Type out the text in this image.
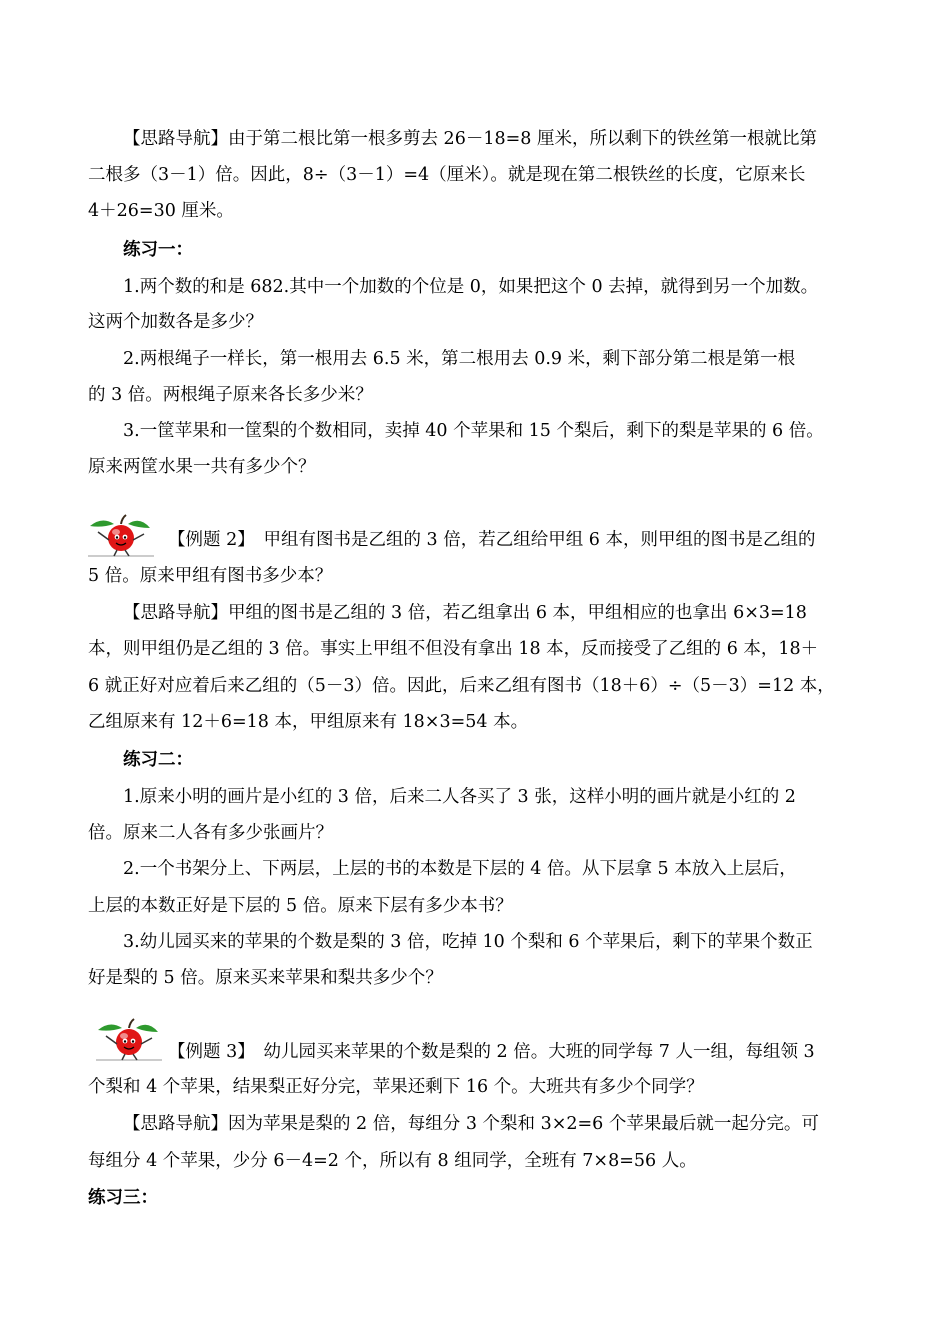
【思路导航】由于第二根比第一根多剪去 26－18=8 厘米，所以剩下的铁丝第一根就比第
二根多（3－1）倍。因此，8÷（3－1）=4（厘米）。就是现在第二根铁丝的长度，它原来长
4＋26=30 厘米。
练习一：
1.两个数的和是 682.其中一个加数的个位是 0，如果把这个 0 去掉，就得到另一个加数。
这两个加数各是多少？
2.两根绳子一样长，第一根用去 6.5 米，第二根用去 0.9 米，剩下部分第二根是第一根
的 3 倍。两根绳子原来各长多少米？
3.一筐苹果和一筐梨的个数相同，卖掉 40 个苹果和 15 个梨后，剩下的梨是苹果的 6 倍。
原来两筐水果一共有多少个？
【例题 2】　甲组有图书是乙组的 3 倍，若乙组给甲组 6 本，则甲组的图书是乙组的
5 倍。原来甲组有图书多少本？
【思路导航】甲组的图书是乙组的 3 倍，若乙组拿出 6 本，甲组相应的也拿出 6×3=18
本，则甲组仍是乙组的 3 倍。事实上甲组不但没有拿出 18 本，反而接受了乙组的 6 本，18＋
6 就正好对应着后来乙组的（5－3）倍。因此，后来乙组有图书（18＋6）÷（5－3）=12 本，
乙组原来有 12＋6=18 本，甲组原来有 18×3=54 本。
练习二：
1.原来小明的画片是小红的 3 倍，后来二人各买了 3 张，这样小明的画片就是小红的 2
倍。原来二人各有多少张画片？
2.一个书架分上、下两层，上层的书的本数是下层的 4 倍。从下层拿 5 本放入上层后，
上层的本数正好是下层的 5 倍。原来下层有多少本书？
3.幼儿园买来的苹果的个数是梨的 3 倍，吃掉 10 个梨和 6 个苹果后，剩下的苹果个数正
好是梨的 5 倍。原来买来苹果和梨共多少个？
【例题 3】　幼儿园买来苹果的个数是梨的 2 倍。大班的同学每 7 人一组，每组领 3
个梨和 4 个苹果，结果梨正好分完，苹果还剩下 16 个。大班共有多少个同学？
【思路导航】因为苹果是梨的 2 倍，每组分 3 个梨和 3×2=6 个苹果最后就一起分完。可
每组分 4 个苹果，少分 6－4=2 个，所以有 8 组同学，全班有 7×8=56 人。
练习三：
